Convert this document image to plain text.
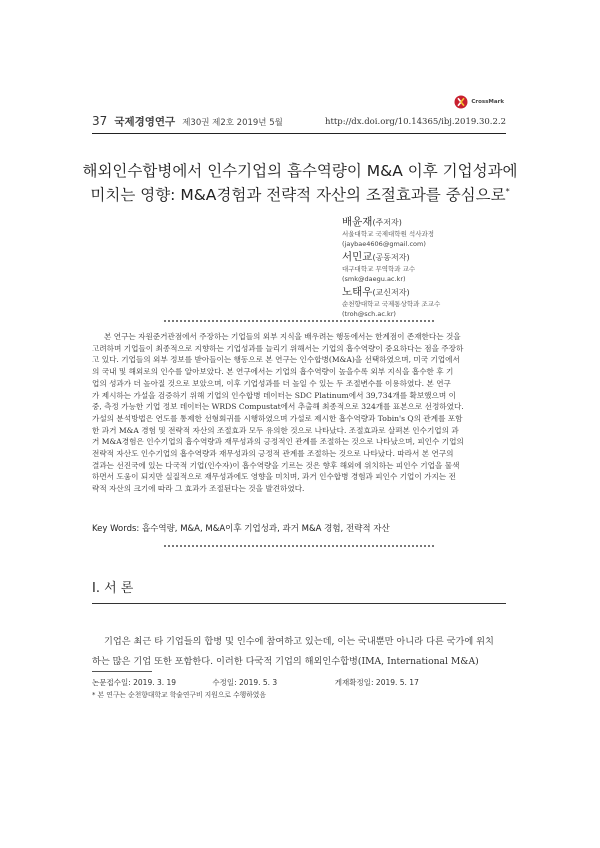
CrossMark
37 국제경영연구 제30권 제2호 2019년 5월	http://dx.doi.org/10.14365/ibj.2019.30.2.2
해외인수합병에서 인수기업의 흡수역량이 M&A 이후 기업성과에
미치는 영향: M&A경험과 전략적 자산의 조절효과를 중심으로*
배윤재(주저자)
서울대학교 국제대학원 석사과정
(jaybae4606@gmail.com)
서민교(공동저자)
대구대학교 무역학과 교수
(smk@daegu.ac.kr)
노태우(교신저자)
순천향대학교 국제통상학과 조교수
(troh@sch.ac.kr)
본 연구는 자원준거관점에서 주장하는 기업들의 외부 지식을 배우려는 행동에서는 한계점이 존재한다는 것을
고려하며 기업들이 최종적으로 지향하는 기업성과를 늘리기 위해서는 기업의 흡수역량이 중요하다는 점을 주장하
고 있다. 기업들의 외부 정보를 받아들이는 행동으로 본 연구는 인수합병(M&A)을 선택하였으며, 미국 기업에서
의 국내 및 해외로의 인수를 알아보았다. 본 연구에서는 기업의 흡수역량이 높을수록 외부 지식을 흡수한 후 기
업의 성과가 더 높아질 것으로 보았으며, 이후 기업성과를 더 높일 수 있는 두 조절변수를 이용하였다. 본 연구
가 제시하는 가설을 검증하기 위해 기업의 인수합병 데이터는 SDC Platinum에서 39,734개를 확보했으며 이
중, 측정 가능한 기업 정보 데이터는 WRDS Compustat에서 추출해 최종적으로 324개를 표본으로 선정하였다.
가설의 분석방법은 연도를 통제한 선형회귀를 시행하였으며 가설로 제시한 흡수역량과 Tobin's Q의 관계를 포함
한 과거 M&A 경험 및 전략적 자산의 조절효과 모두 유의한 것으로 나타났다. 조절효과로 살펴본 인수기업의 과
거 M&A경험은 인수기업의 흡수역량과 재무성과의 긍정적인 관계를 조절하는 것으로 나타났으며, 피인수 기업의
전략적 자산도 인수기업의 흡수역량과 재무성과의 긍정적 관계를 조절하는 것으로 나타났다. 따라서 본 연구의
결과는 선진국에 있는 다국적 기업(인수자)이 흡수역량을 기르는 것은 향후 해외에 위치하는 피인수 기업을 물색
하면서 도움이 되지만 실질적으로 재무성과에도 영향을 미치며, 과거 인수합병 경험과 피인수 기업이 가지는 전
략적 자산의 크기에 따라 그 효과가 조절된다는 것을 발견하였다.
Key Words: 흡수역량, M&A, M&A이후 기업성과, 과거 M&A 경험, 전략적 자산
I. 서 론
기업은 최근 타 기업들의 합병 및 인수에 참여하고 있는데, 이는 국내뿐만 아니라 다른 국가에 위치
하는 많은 기업 또한 포함한다. 이러한 다국적 기업의 해외인수합병(IMA, International M&A)
논문접수일: 2019. 3. 19	수정일: 2019. 5. 3	게재확정일: 2019. 5. 17
* 본 연구는 순천향대학교 학술연구비 지원으로 수행하였음
